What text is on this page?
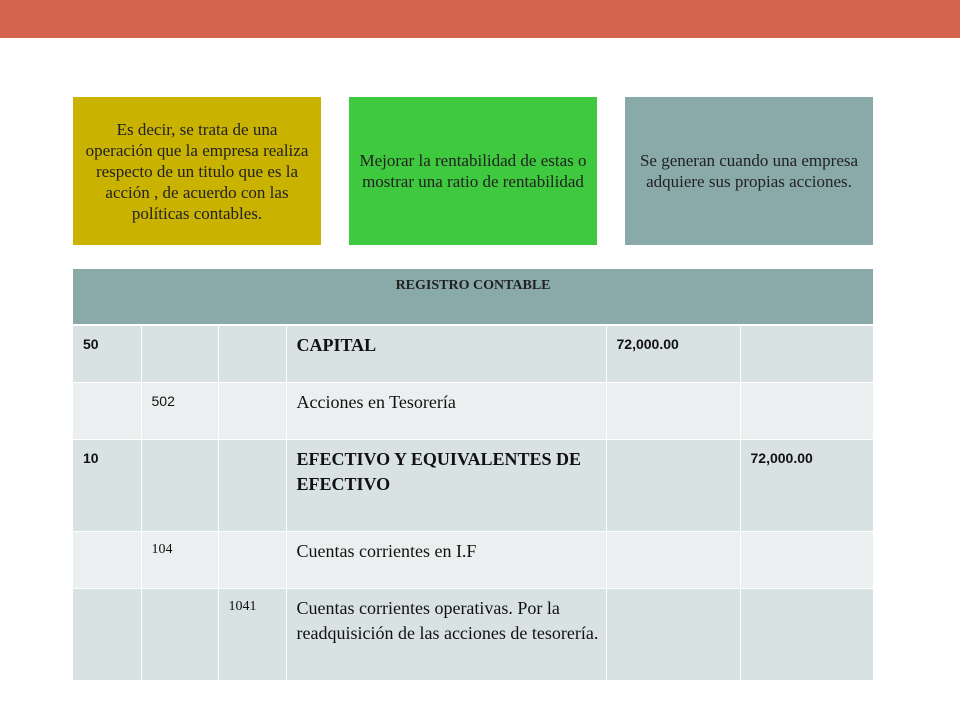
Es decir, se trata de una operación que la empresa realiza respecto de un titulo que es la acción , de acuerdo con las políticas contables.
Mejorar la rentabilidad de estas o mostrar una ratio de rentabilidad
Se generan cuando una empresa adquiere sus propias acciones.
REGISTRO CONTABLE					
50			CAPITAL	72,000.00	
	502		Acciones en Tesorería		
10			EFECTIVO Y EQUIVALENTES DE EFECTIVO		72,000.00
	104		Cuentas corrientes en I.F		
		1041	Cuentas corrientes operativas. Por la readquisición de las acciones de tesorería.		
